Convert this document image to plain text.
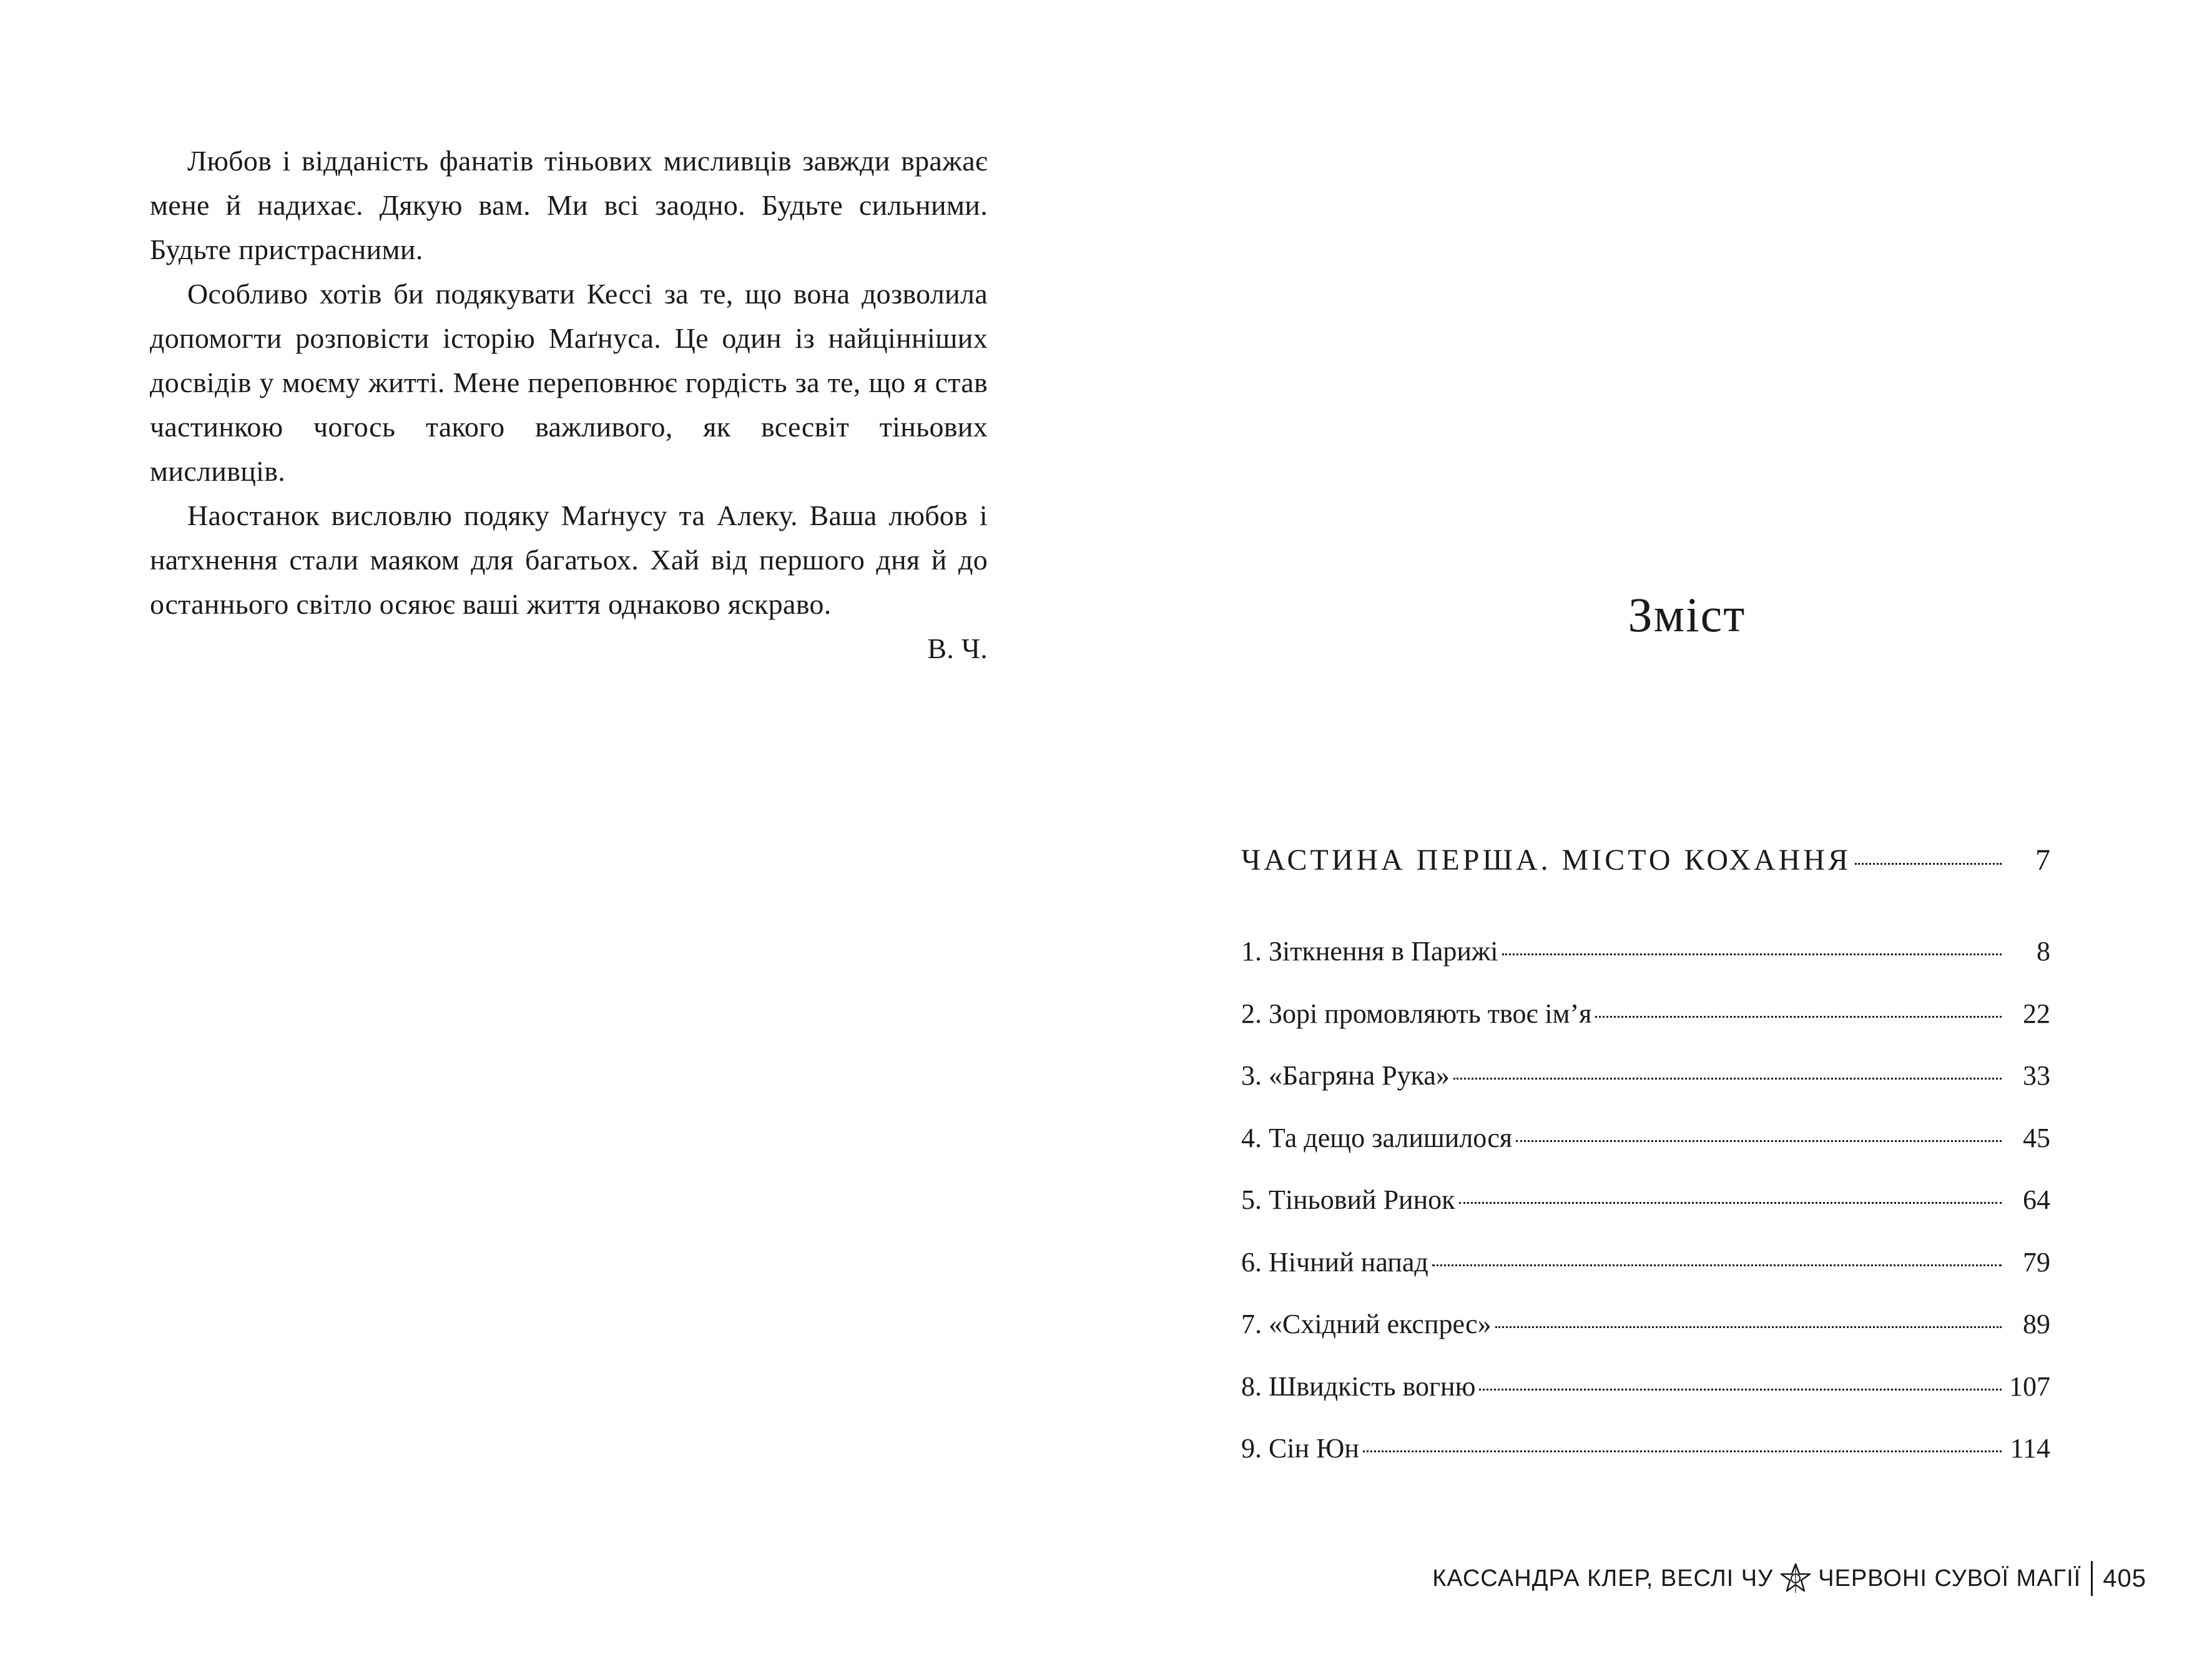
Любов і відданість фанатів тіньових мисливців завжди вражає мене й надихає. Дякую вам. Ми всі заодно. Будьте сильними. Будьте пристрасними.

Особливо хотів би подякувати Кессі за те, що вона дозволила допомогти розповісти історію Маґнуса. Це один із найцінніших досвідів у моєму житті. Мене переповнює гордість за те, що я став частинкою чогось такого важливого, як всесвіт тіньових мисливців.

Наостанок висловлю подяку Маґнусу та Алеку. Ваша любов і натхнення стали маяком для багатьох. Хай від першого дня й до останнього світло осяює ваші життя однаково яскраво.

В. Ч.
Зміст
ЧАСТИНА ПЕРША. МІСТО КОХАННЯ	7
1. Зіткнення в Парижі	8
2. Зорі промовляють твоє ім’я	22
3. «Багряна Рука»	33
4. Та дещо залишилося	45
5. Тіньовий Ринок	64
6. Нічний напад	79
7. «Східний експрес»	89
8. Швидкість вогню	107
9. Сін Юн	114
КАССАНДРА КЛЕР, ВЕСЛІ ЧУ ЧЕРВОНІ СУВОЇ МАГІЇ 405
